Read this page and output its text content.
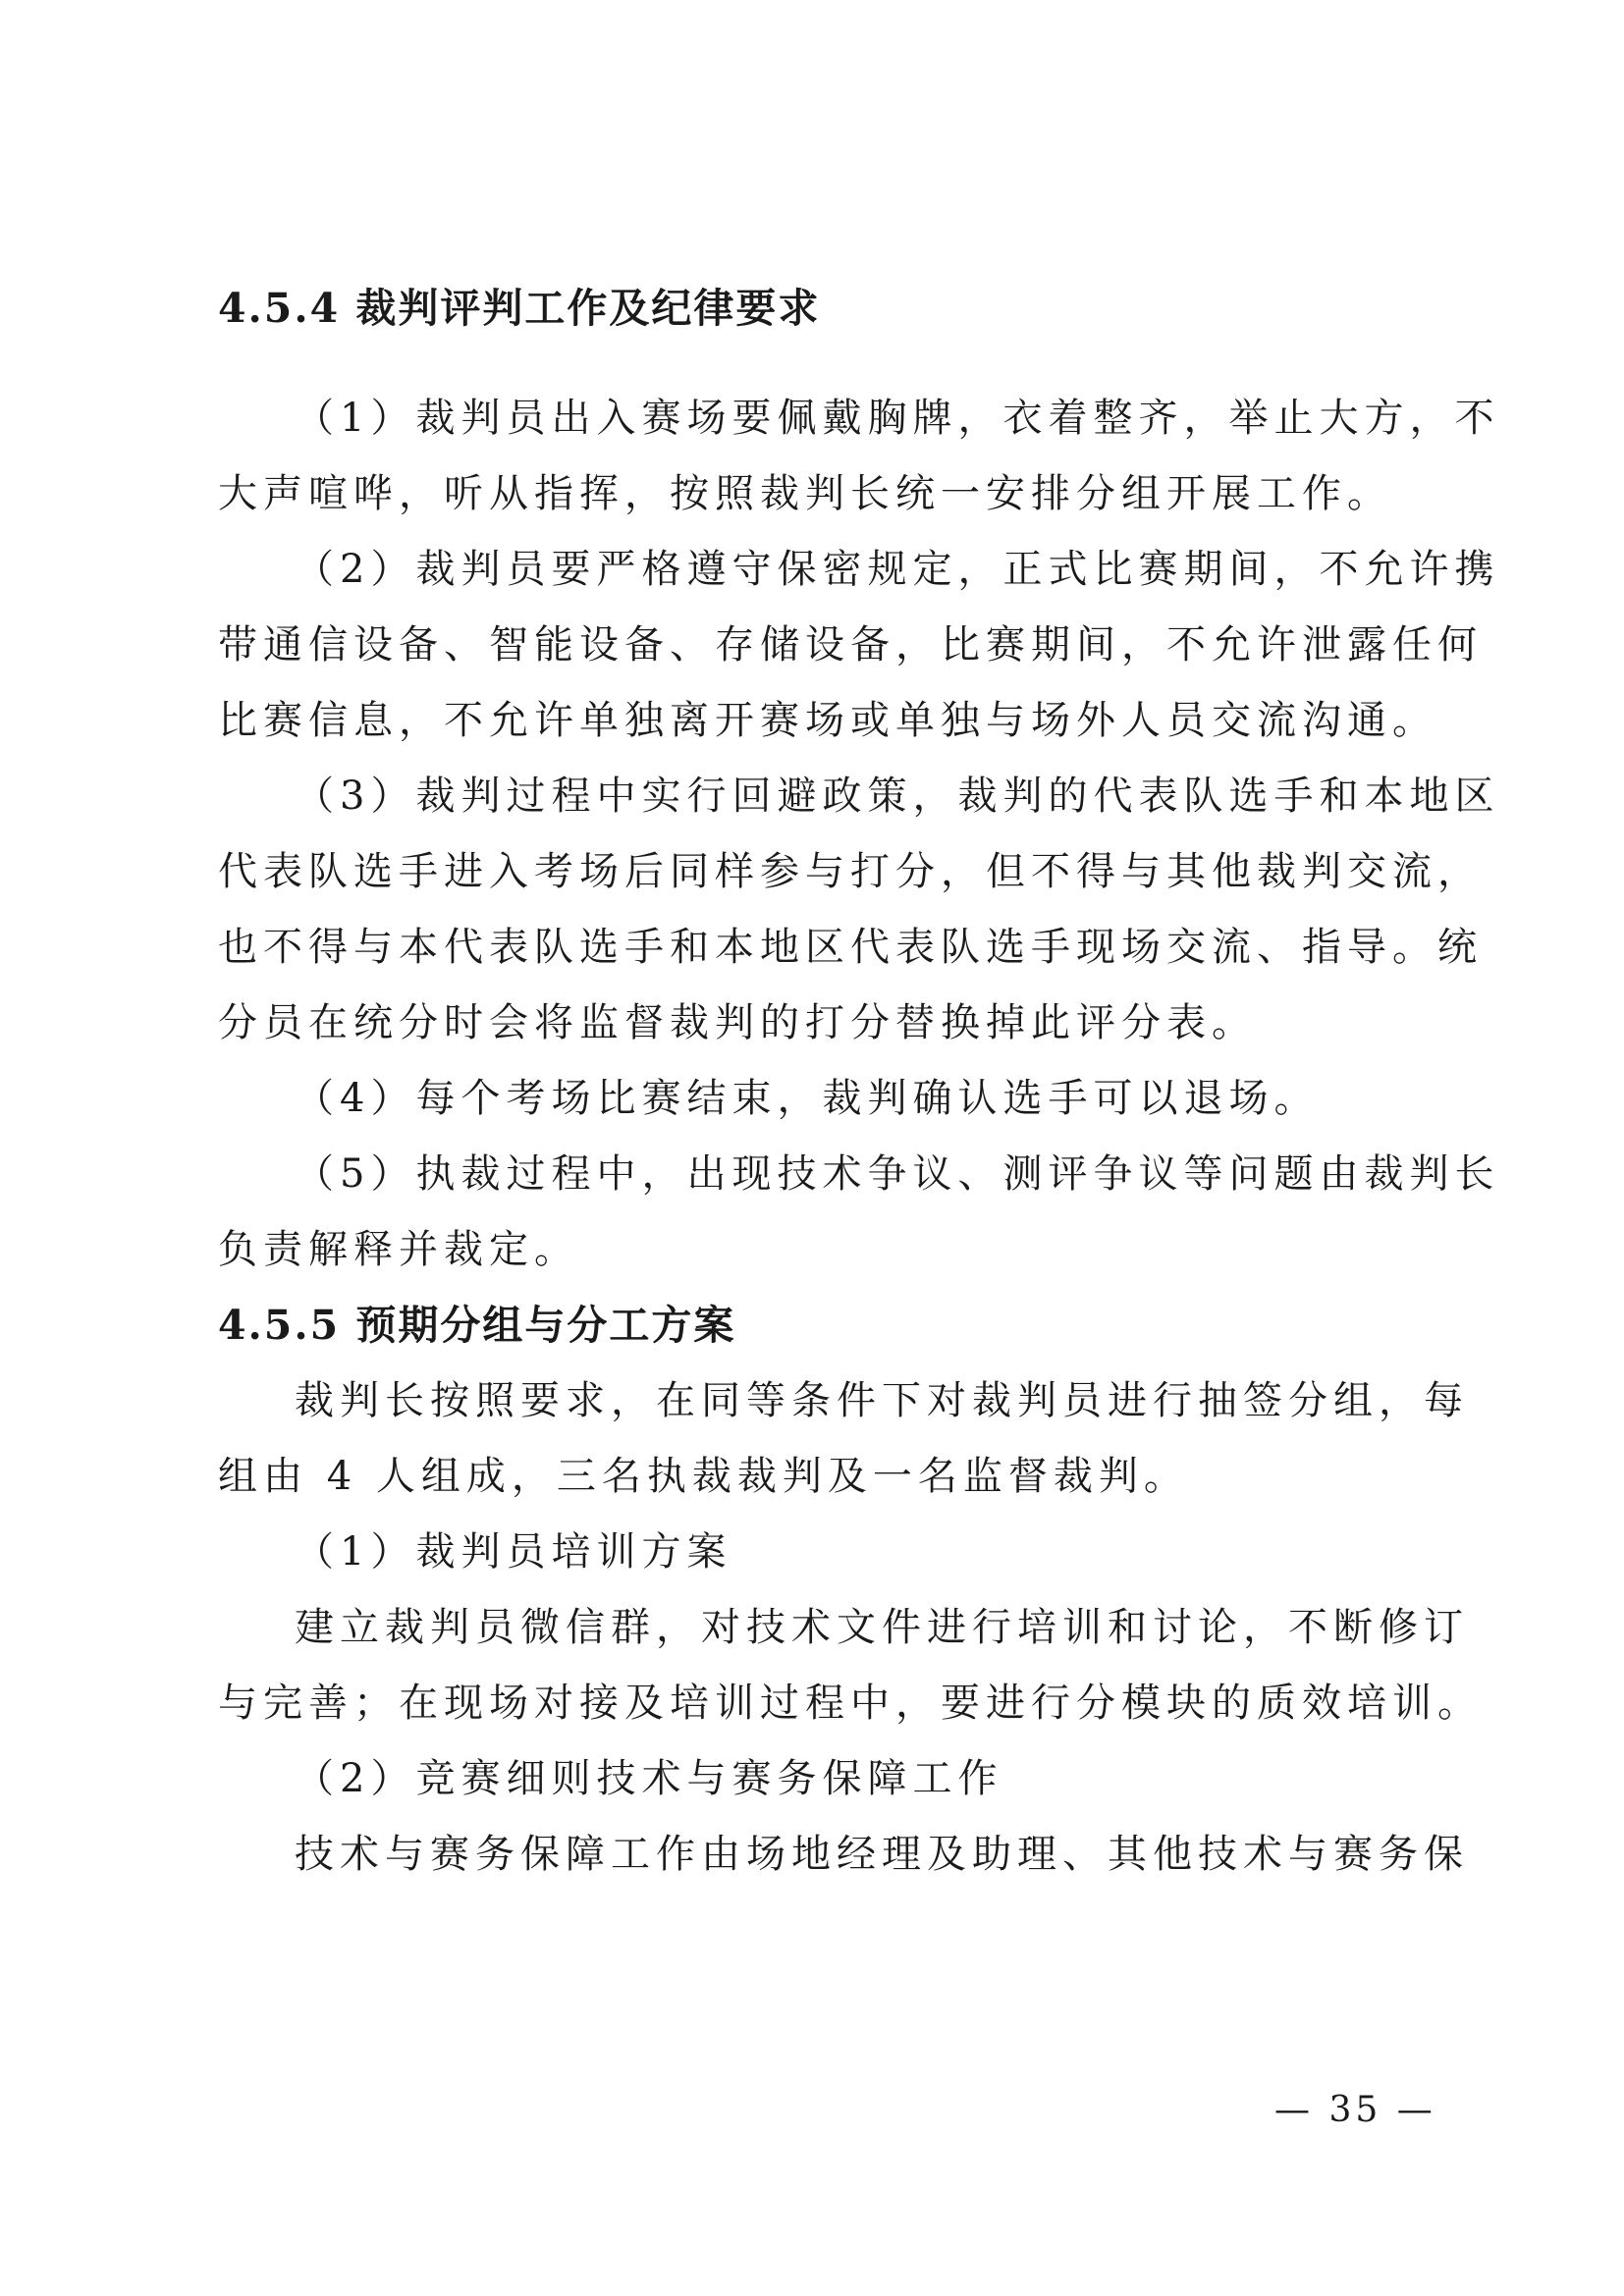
4.5.4 裁判评判工作及纪律要求

（1）裁判员出入赛场要佩戴胸牌，衣着整齐，举止大方，不

大声喧哗，听从指挥，按照裁判长统一安排分组开展工作。

（2）裁判员要严格遵守保密规定，正式比赛期间，不允许携

带通信设备、智能设备、存储设备，比赛期间，不允许泄露任何

比赛信息，不允许单独离开赛场或单独与场外人员交流沟通。

（3）裁判过程中实行回避政策，裁判的代表队选手和本地区

代表队选手进入考场后同样参与打分，但不得与其他裁判交流，

也不得与本代表队选手和本地区代表队选手现场交流、指导。统

分员在统分时会将监督裁判的打分替换掉此评分表。

（4）每个考场比赛结束，裁判确认选手可以退场。

（5）执裁过程中，出现技术争议、测评争议等问题由裁判长

负责解释并裁定。

4.5.5 预期分组与分工方案

裁判长按照要求，在同等条件下对裁判员进行抽签分组，每

组由 4 人组成，三名执裁裁判及一名监督裁判。

（1）裁判员培训方案

建立裁判员微信群，对技术文件进行培训和讨论，不断修订

与完善；在现场对接及培训过程中，要进行分模块的质效培训。

（2）竞赛细则技术与赛务保障工作

技术与赛务保障工作由场地经理及助理、其他技术与赛务保

— 35 —
